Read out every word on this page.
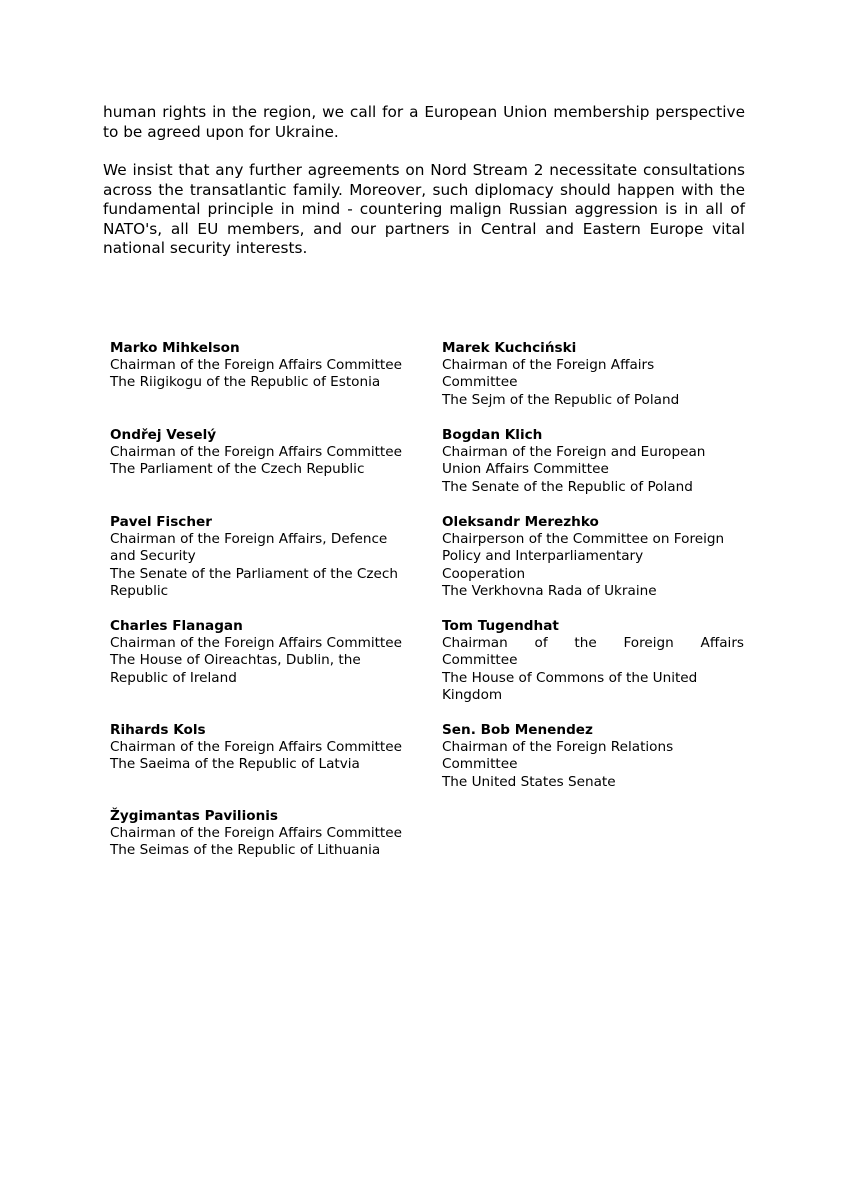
human rights in the region, we call for a European Union membership perspective to be agreed upon for Ukraine.

We insist that any further agreements on Nord Stream 2 necessitate consultations across the transatlantic family. Moreover, such diplomacy should happen with the fundamental principle in mind - countering malign Russian aggression is in all of NATO's, all EU members, and our partners in Central and Eastern Europe vital national security interests.

Marko Mihkelson
Chairman of the Foreign Affairs Committee
The Riigikogu of the Republic of Estonia
Marek Kuchciński
Chairman of the Foreign Affairs
Committee
The Sejm of the Republic of Poland
Ondřej Veselý
Chairman of the Foreign Affairs Committee
The Parliament of the Czech Republic
Bogdan Klich
Chairman of the Foreign and European
Union Affairs Committee
The Senate of the Republic of Poland
Pavel Fischer
Chairman of the Foreign Affairs, Defence
and Security
The Senate of the Parliament of the Czech
Republic
Oleksandr Merezhko
Chairperson of the Committee on Foreign
Policy and Interparliamentary
Cooperation
The Verkhovna Rada of Ukraine
Charles Flanagan
Chairman of the Foreign Affairs Committee
The House of Oireachtas, Dublin, the
Republic of Ireland
Tom Tugendhat
Chairman of the Foreign Affairs
Committee
The House of Commons of the United
Kingdom
Rihards Kols
Chairman of the Foreign Affairs Committee
The Saeima of the Republic of Latvia
Sen. Bob Menendez
Chairman of the Foreign Relations
Committee
The United States Senate
Žygimantas Pavilionis
Chairman of the Foreign Affairs Committee
The Seimas of the Republic of Lithuania
